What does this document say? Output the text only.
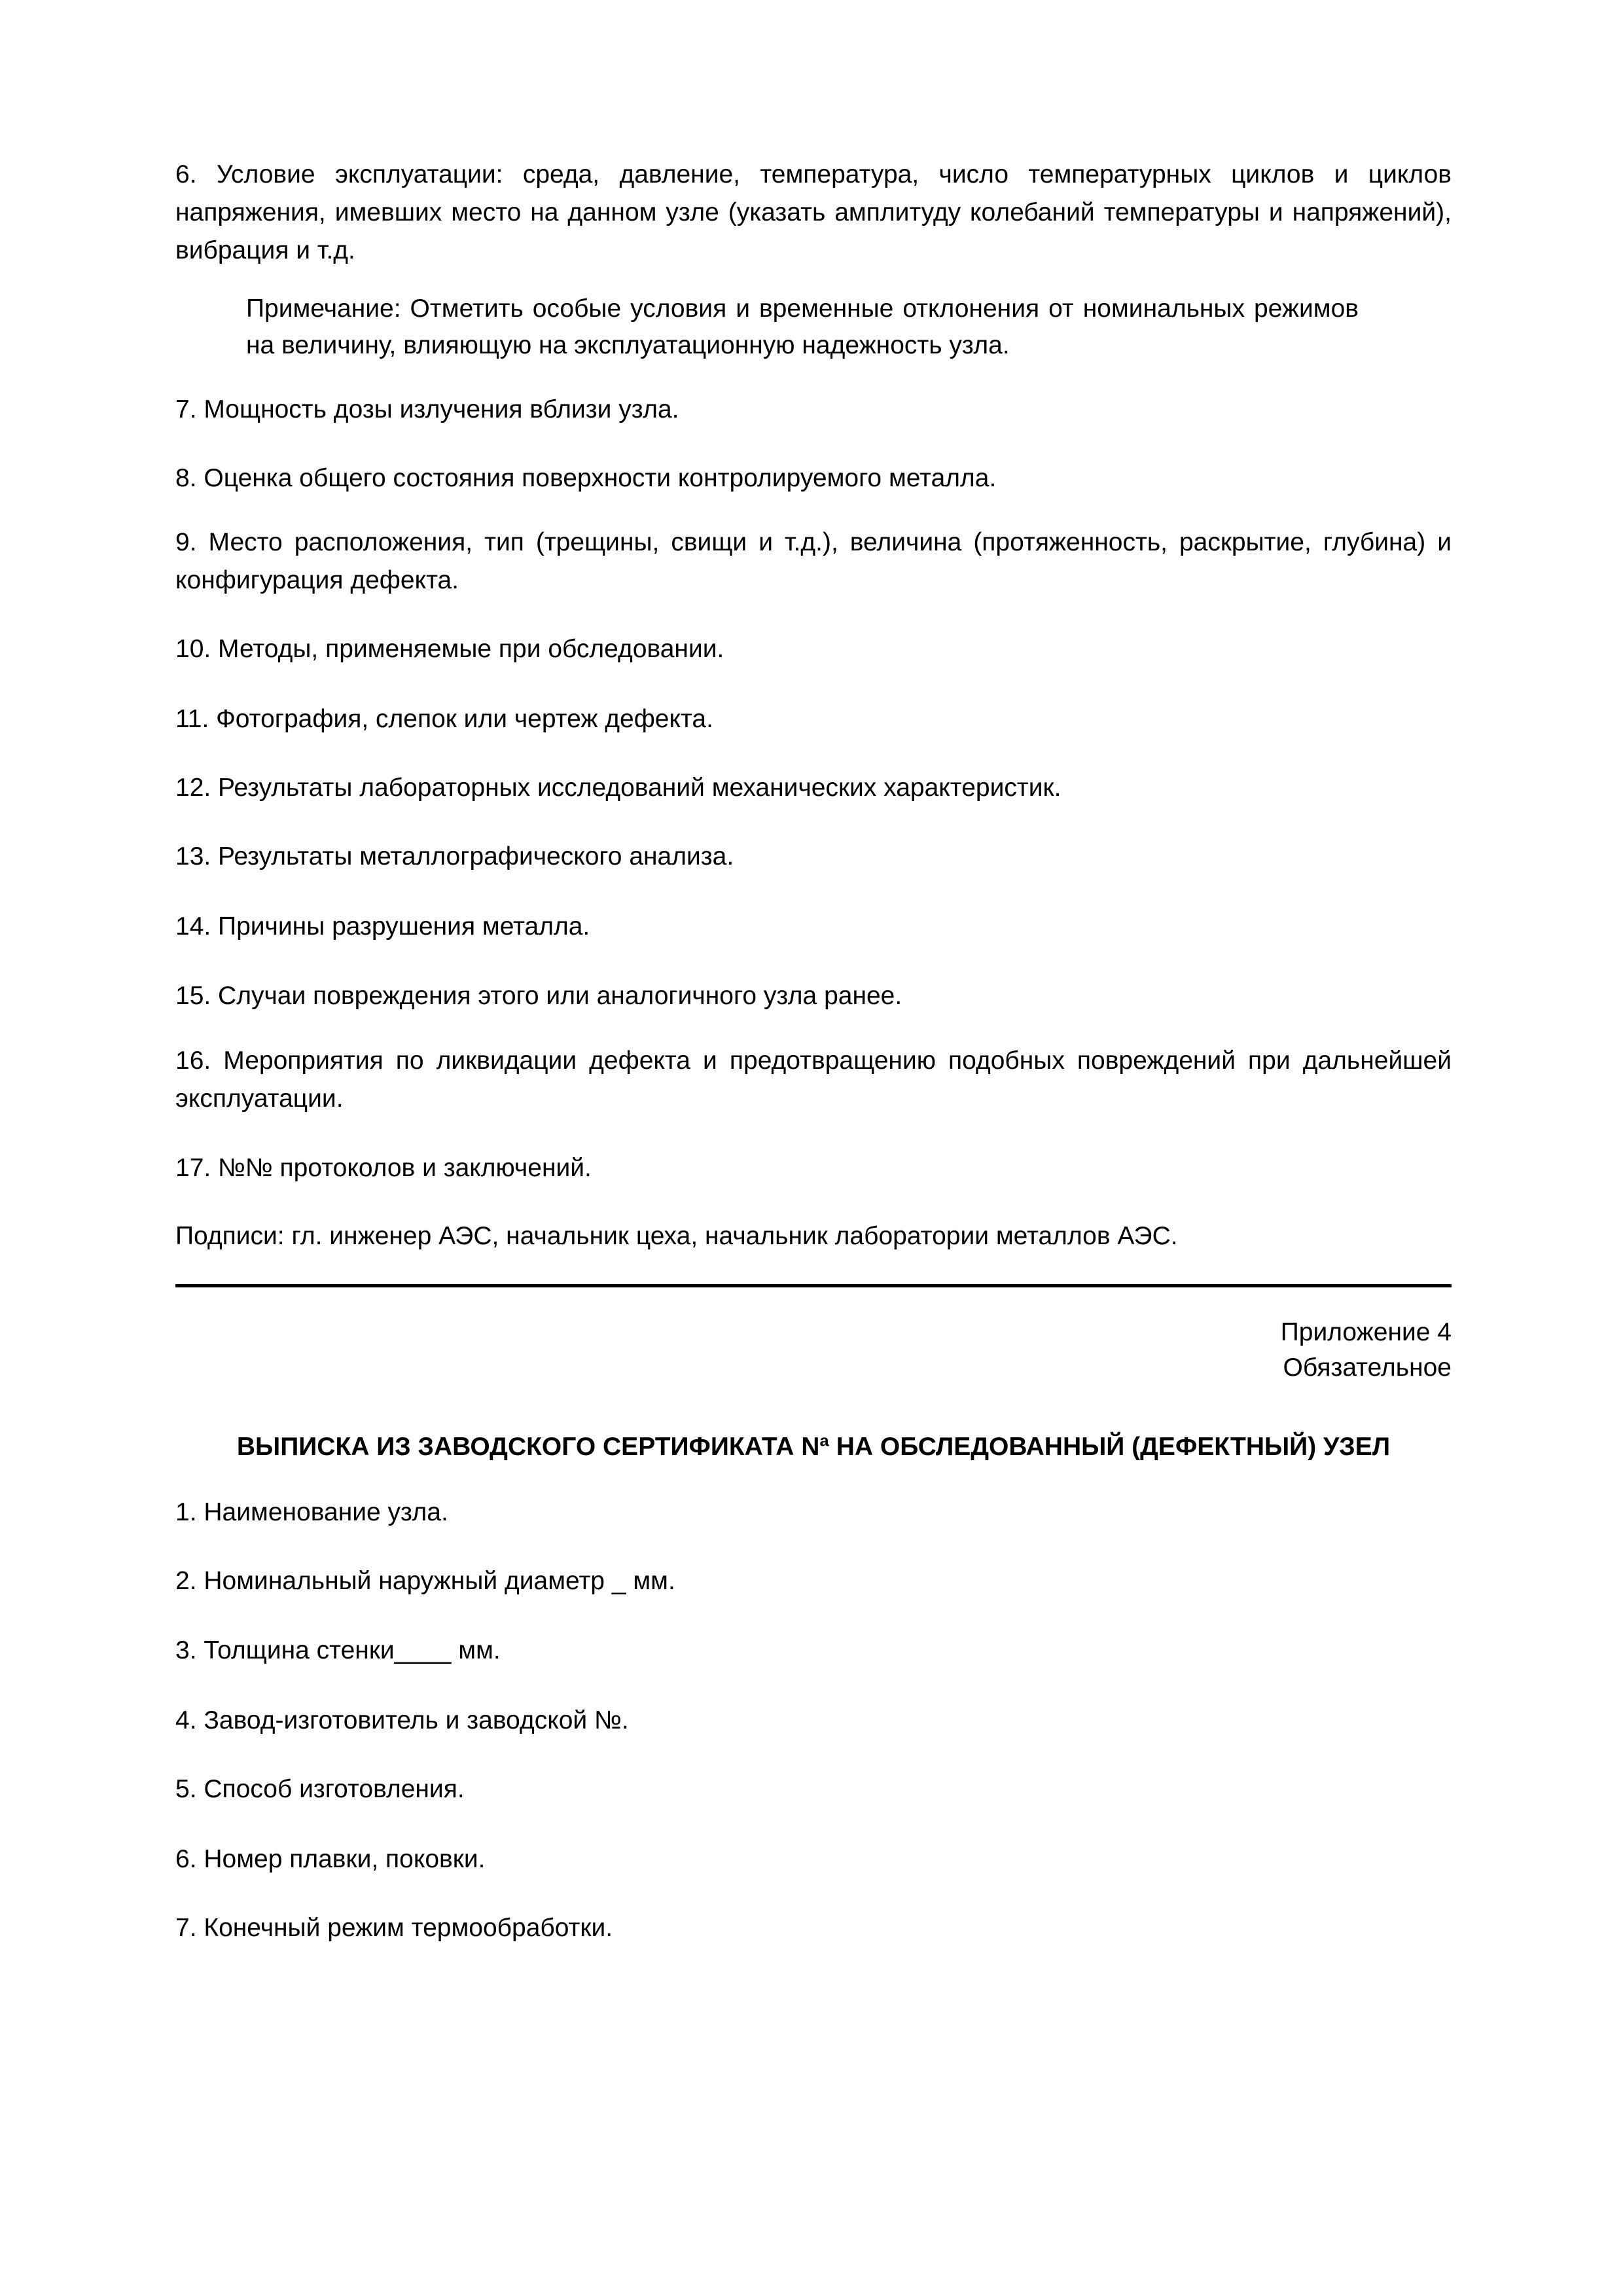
6. Условие эксплуатации: среда, давление, температура, число температурных циклов и циклов напряжения, имевших место на данном узле (указать амплитуду колебаний температуры и напряжений), вибрация и т.д.

Примечание: Отметить особые условия и временные отклонения от номинальных режимов на величину, влияющую на эксплуатационную надежность узла.

7. Мощность дозы излучения вблизи узла.

8. Оценка общего состояния поверхности контролируемого металла.

9. Место расположения, тип (трещины, свищи и т.д.), величина (протяженность, раскрытие, глубина) и конфигурация дефекта.

10. Методы, применяемые при обследовании.

11. Фотография, слепок или чертеж дефекта.

12. Результаты лабораторных исследований механических характеристик.

13. Результаты металлографического анализа.

14. Причины разрушения металла.

15. Случаи повреждения этого или аналогичного узла ранее.

16. Мероприятия по ликвидации дефекта и предотвращению подобных повреждений при дальнейшей эксплуатации.

17. №№ протоколов и заключений.

Подписи: гл. инженер АЭС, начальник цеха, начальник лаборатории металлов АЭС.

Приложение 4

Обязательное

ВЫПИСКА ИЗ ЗАВОДСКОГО СЕРТИФИКАТА Nª НА ОБСЛЕДОВАННЫЙ (ДЕФЕКТНЫЙ) УЗЕЛ

1. Наименование узла.

2. Номинальный наружный диаметр _ мм.

3. Толщина стенки____ мм.

4. Завод-изготовитель и заводской №.

5. Способ изготовления.

6. Номер плавки, поковки.

7. Конечный режим термообработки.
